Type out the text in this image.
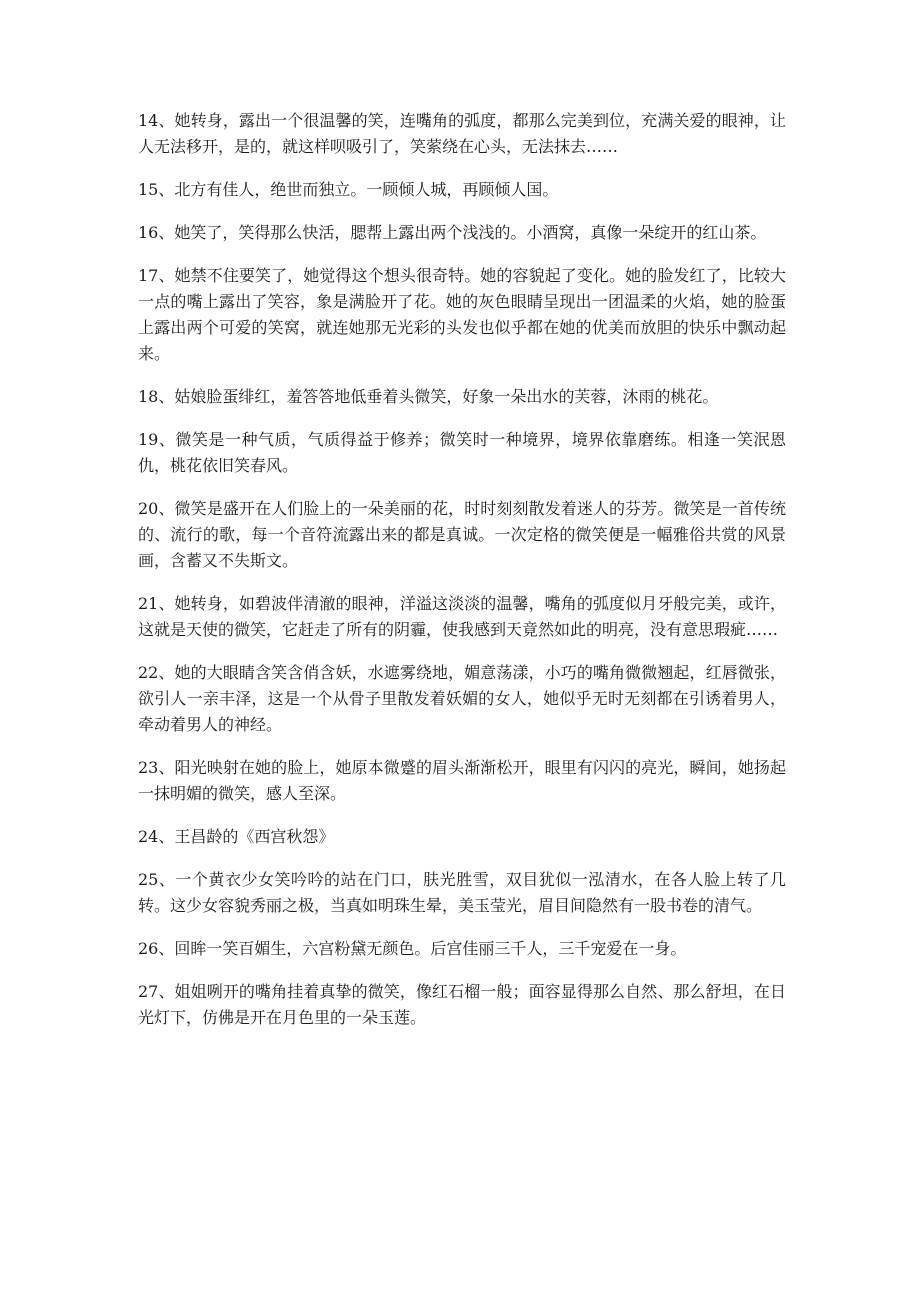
14、她转身，露出一个很温馨的笑，连嘴角的弧度，都那么完美到位，充满关爱的眼神，让人无法移开，是的，就这样呗吸引了，笑萦绕在心头，无法抹去……

15、北方有佳人，绝世而独立。一顾倾人城，再顾倾人国。

16、她笑了，笑得那么快活，腮帮上露出两个浅浅的。小酒窝，真像一朵绽开的红山茶。

17、她禁不住要笑了，她觉得这个想头很奇特。她的容貌起了变化。她的脸发红了，比较大一点的嘴上露出了笑容，象是满脸开了花。她的灰色眼睛呈现出一团温柔的火焰，她的脸蛋上露出两个可爱的笑窝，就连她那无光彩的头发也似乎都在她的优美而放胆的快乐中飘动起来。

18、姑娘脸蛋绯红，羞答答地低垂着头微笑，好象一朵出水的芙蓉，沐雨的桃花。

19、微笑是一种气质，气质得益于修养；微笑时一种境界，境界依靠磨练。相逢一笑泯恩仇，桃花依旧笑春风。

20、微笑是盛开在人们脸上的一朵美丽的花，时时刻刻散发着迷人的芬芳。微笑是一首传统的、流行的歌，每一个音符流露出来的都是真诚。一次定格的微笑便是一幅雅俗共赏的风景画，含蓄又不失斯文。

21、她转身，如碧波伴清澈的眼神，洋溢这淡淡的温馨，嘴角的弧度似月牙般完美，或许，这就是天使的微笑，它赶走了所有的阴霾，使我感到天竟然如此的明亮，没有意思瑕疵……

22、她的大眼睛含笑含俏含妖，水遮雾绕地，媚意荡漾，小巧的嘴角微微翘起，红唇微张，欲引人一亲丰泽，这是一个从骨子里散发着妖媚的女人，她似乎无时无刻都在引诱着男人，牵动着男人的神经。

23、阳光映射在她的脸上，她原本微蹙的眉头渐渐松开，眼里有闪闪的亮光，瞬间，她扬起一抹明媚的微笑，感人至深。

24、王昌龄的《西宫秋怨》

25、一个黄衣少女笑吟吟的站在门口，肤光胜雪，双目犹似一泓清水，在各人脸上转了几转。这少女容貌秀丽之极，当真如明珠生晕，美玉莹光，眉目间隐然有一股书卷的清气。

26、回眸一笑百媚生，六宫粉黛无颜色。后宫佳丽三千人，三千宠爱在一身。

27、姐姐咧开的嘴角挂着真挚的微笑，像红石榴一般；面容显得那么自然、那么舒坦，在日光灯下，仿佛是开在月色里的一朵玉莲。
